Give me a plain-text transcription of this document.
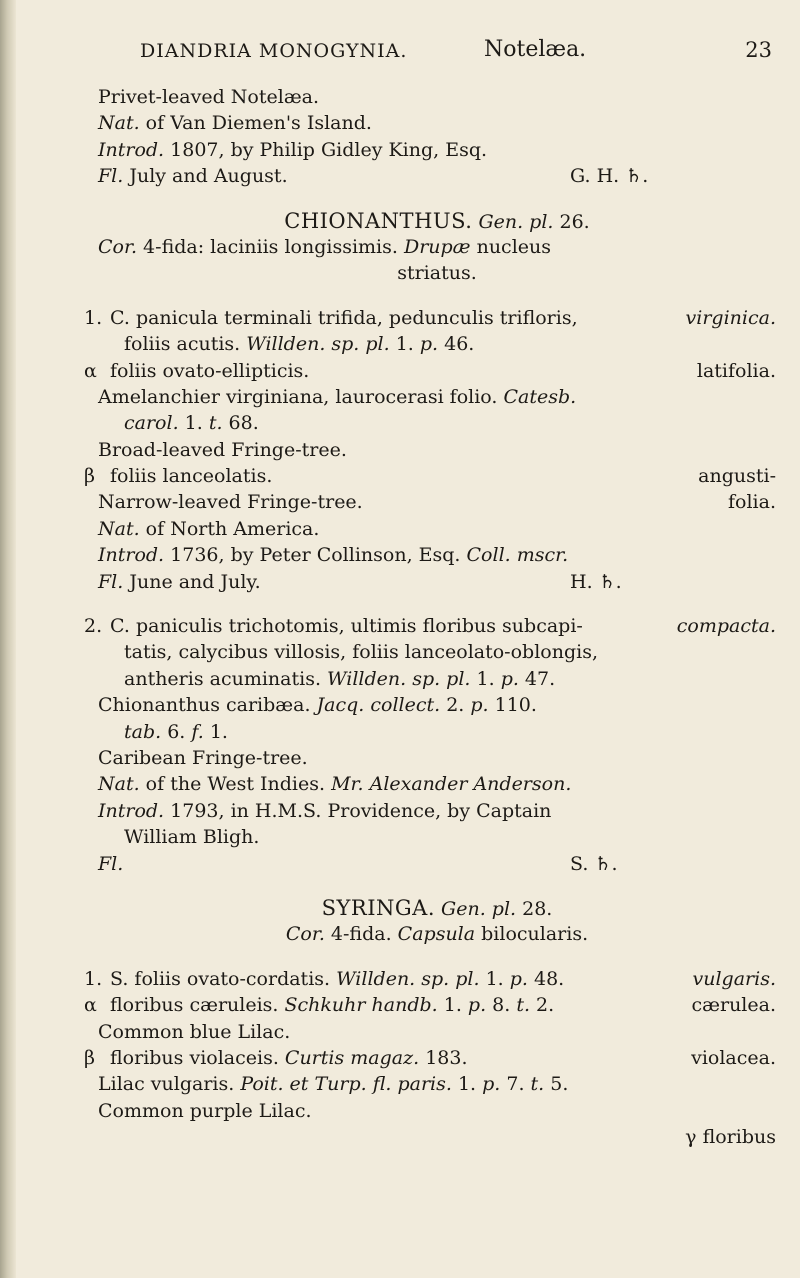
DIANDRIA MONOGYNIA.	Notelæa.	23
Privet-leaved Notelæa.
Nat. of Van Diemen's Island.
Introd. 1807, by Philip Gidley King, Esq.
Fl. July and August.	G. H. ♄.
CHIONANTHUS. Gen. pl. 26.
Cor. 4-fida: laciniis longissimis. Drupæ nucleus
striatus.
1. C. panicula terminali trifida, pedunculis trifloris,	virginica.
foliis acutis. Willden. sp. pl. 1. p. 46.
α foliis ovato-ellipticis.	latifolia.
Amelanchier virginiana, laurocerasi folio. Catesb.
carol. 1. t. 68.
Broad-leaved Fringe-tree.
β foliis lanceolatis.	angusti-
Narrow-leaved Fringe-tree.	folia.
Nat. of North America.
Introd. 1736, by Peter Collinson, Esq. Coll. mscr.
Fl. June and July.	H. ♄.
2. C. paniculis trichotomis, ultimis floribus subcapi-	compacta.
tatis, calycibus villosis, foliis lanceolato-oblongis,
antheris acuminatis. Willden. sp. pl. 1. p. 47.
Chionanthus caribæa. Jacq. collect. 2. p. 110.
tab. 6. f. 1.
Caribean Fringe-tree.
Nat. of the West Indies. Mr. Alexander Anderson.
Introd. 1793, in H.M.S. Providence, by Captain
William Bligh.
Fl.	S. ♄.
SYRINGA. Gen. pl. 28.
Cor. 4-fida. Capsula bilocularis.
1. S. foliis ovato-cordatis. Willden. sp. pl. 1. p. 48.	vulgaris.
α floribus cæruleis. Schkuhr handb. 1. p. 8. t. 2.	cærulea.
Common blue Lilac.
β floribus violaceis. Curtis magaz. 183.	violacea.
Lilac vulgaris. Poit. et Turp. fl. paris. 1. p. 7. t. 5.
Common purple Lilac.
γ floribus
